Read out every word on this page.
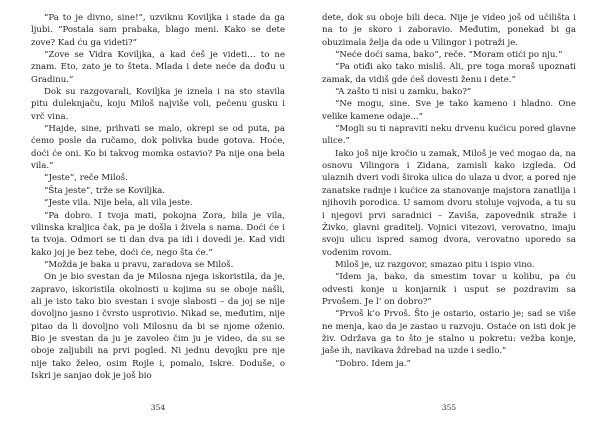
“Pa to je divno, sine!”, uzviknu Koviljka i stade da ga ljubi. “Postala sam prabaka, blago meni. Kako se dete zove? Kad ću ga videti?”

“Zove se Vidra Koviljka, a kad ćeš je videti… to ne znam. Eto, zato je to šteta. Mlada i dete neće da dođu u Gradinu.”

Dok su razgovarali, Koviljka je iznela i na sto stavila pitu duleknjaču, koju Miloš najviše voli, pečenu gusku i vrč vina.

“Hajde, sine, prihvati se malo, okrepi se od puta, pa ćemo posle da ručamo, dok polivka bude gotova. Hoće, doći će oni. Ko bi takvog momka ostavio? Pa nije ona bela vila.”

“Jeste”, reče Miloš.

“Šta jeste”, trže se Koviljka.

“Jeste vila. Nije bela, ali vila jeste.

“Pa dobro. I tvoja mati, pokojna Zora, bila je vila, vilinska kraljica čak, pa je došla i živela s nama. Doći će i ta tvoja. Odmori se ti dan dva pa idi i dovedi je. Kad vidi kako joj je bez tebe, doći će, nego šta će.”

“Možda je baka u pravu, zaradova se Miloš.

On je bio svestan da je Milosna njega iskoristila, da je, zapravo, iskoristila okolnosti u kojima su se oboje našli, ali je isto tako bio svestan i svoje slabosti – da joj se nije dovoljno jasno i čvrsto usprotivio. Nikad se, međutim, nije pitao da li dovoljno voli Milosnu da bi se njome oženio. Bio je svestan da ju je zavoleo čim ju je video, da su se oboje zaljubili na prvi pogled. Ni jednu devojku pre nje nije tako želeo, osim Rojle i, pomalo, Iskre. Doduše, o Iskri je sanjao dok je još bio

354

dete, dok su oboje bili deca. Nije je video još od učilišta i na to je skoro i zaboravio. Međutim, ponekad bi ga obuzimala želja da ode u Vilingor i potraži je.

“Neće doći sama, bako”, reče. “Moram otići po nju.”

“Pa otiđi ako tako misliš. Ali, pre toga moraš upoznati zamak, da vidiš gde ćeš dovesti ženu i dete.”

“A zašto ti nisi u zamku, bako?”

“Ne mogu, sine. Sve je tako kameno i hladno. One velike kamene odaje...”

“Mogli su ti napraviti neku drvenu kućicu pored glavne ulice.”

Iako još nije kročio u zamak, Miloš je već mogao da, na osnovu Vilingora i Zidana, zamisli kako izgleda. Od ulaznih dveri vodi široka ulica do ulaza u dvor, a pored nje zanatske radnje i kućice za stanovanje majstora zanatlija i njihovih porodica. U samom dvoru stoluje vojvoda, a tu su i njegovi prvi saradnici – Zaviša, zapovednik straže i Živko, glavni graditelj. Vojnici vitezovi, verovatno, imaju svoju ulicu ispred samog dvora, verovatno uporedo sa vodenim rovom.

Miloš je, uz razgovor, smazao pitu i ispio vino.

“Idem ja, bako, da smestim tovar u kolibu, pa ću odvesti konje u konjarnik i usput se pozdravim sa Prvošem. Je l’ on dobro?”

“Prvoš k’o Prvoš. Što je ostario, ostario je; sad se više ne menja, kao da je zastao u razvoju. Ostaće on isti dok je živ. Održava ga to što je stalno u pokretu: vežba konje, jaše ih, navikava ždrebad na uzde i sedlo.”

“Dobro. Idem ja.”

355
